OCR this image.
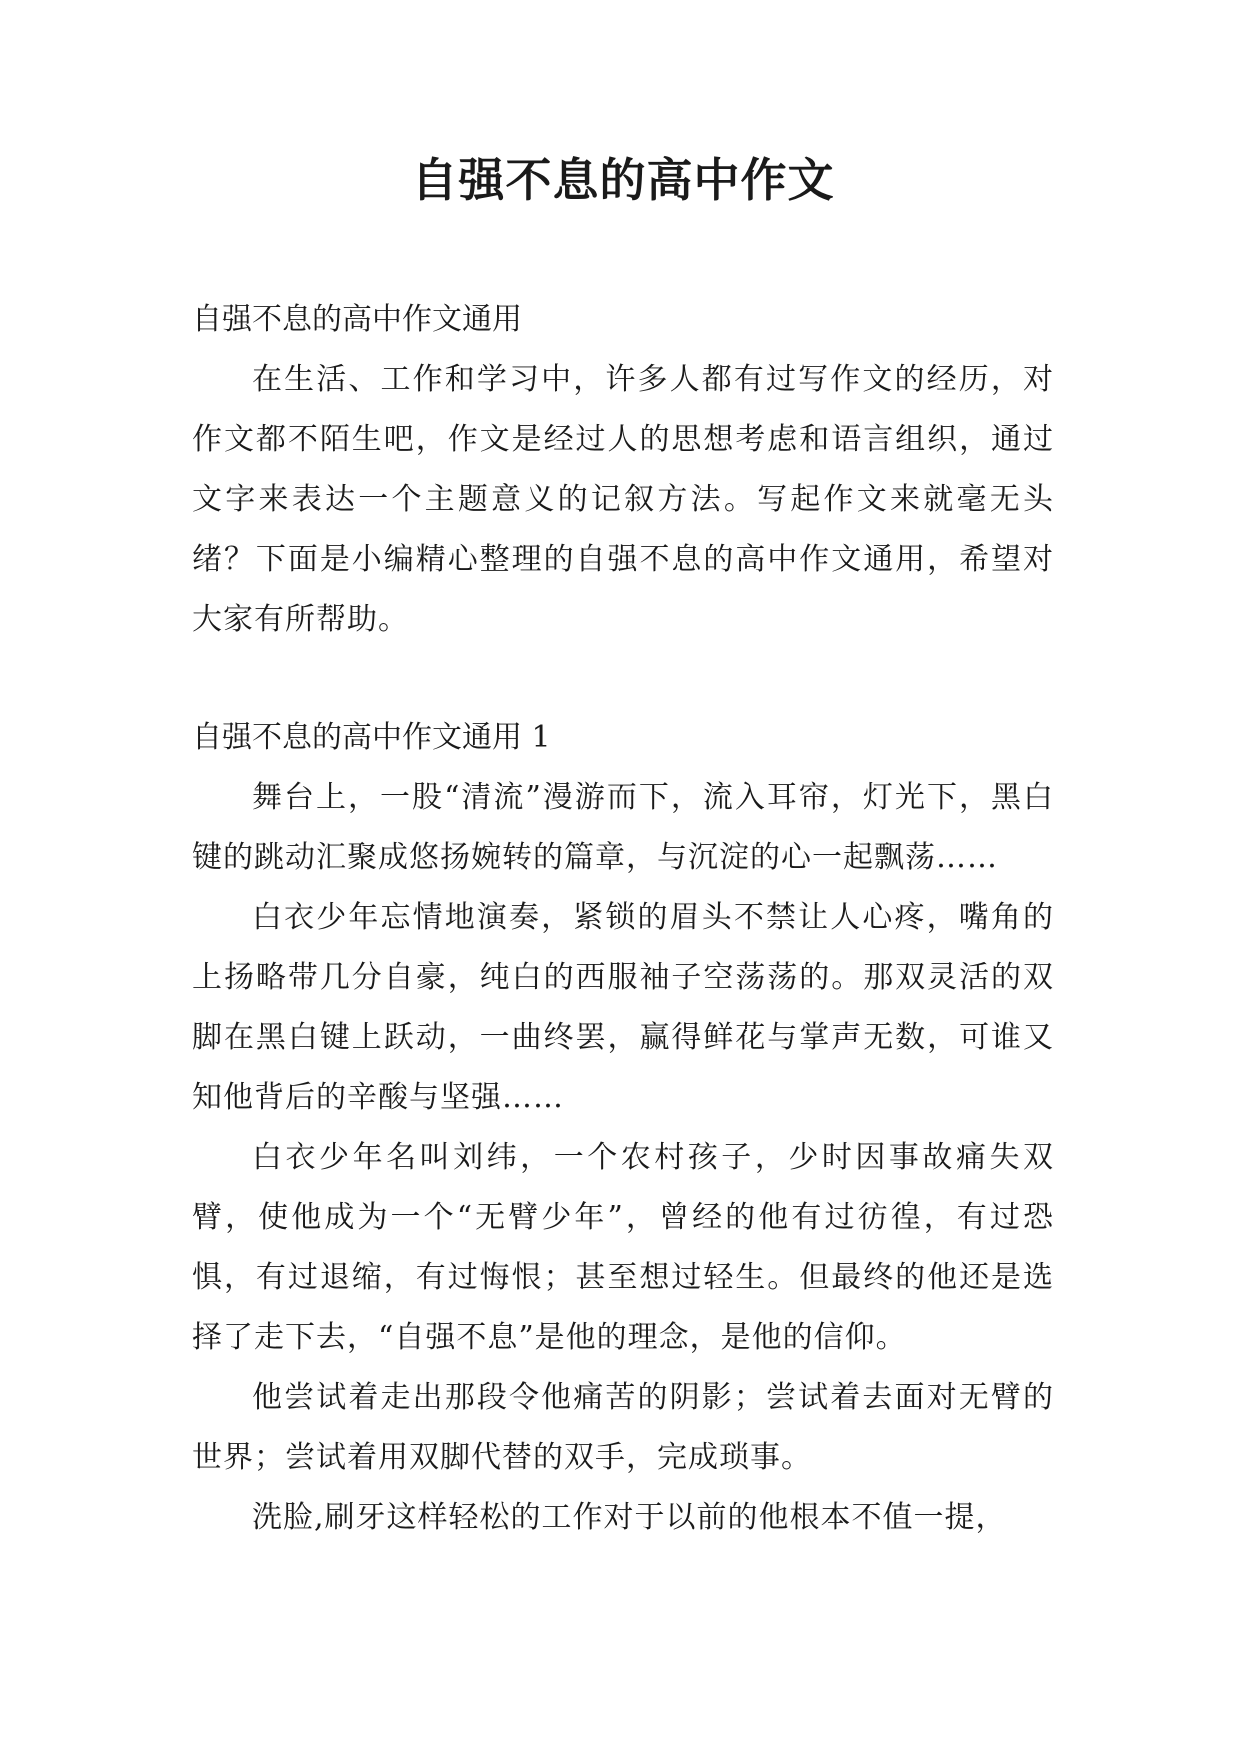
自强不息的高中作文
自强不息的高中作文通用

在生活、工作和学习中，许多人都有过写作文的经历，对作文都不陌生吧，作文是经过人的思想考虑和语言组织，通过文字来表达一个主题意义的记叙方法。写起作文来就毫无头绪？下面是小编精心整理的自强不息的高中作文通用，希望对大家有所帮助。

自强不息的高中作文通用 1

舞台上，一股“清流”漫游而下，流入耳帘，灯光下，黑白键的跳动汇聚成悠扬婉转的篇章，与沉淀的心一起飘荡……

白衣少年忘情地演奏，紧锁的眉头不禁让人心疼，嘴角的上扬略带几分自豪，纯白的西服袖子空荡荡的。那双灵活的双脚在黑白键上跃动，一曲终罢，赢得鲜花与掌声无数，可谁又知他背后的辛酸与坚强……

白衣少年名叫刘纬，一个农村孩子，少时因事故痛失双臂，使他成为一个“无臂少年”，曾经的他有过彷徨，有过恐惧，有过退缩，有过悔恨；甚至想过轻生。但最终的他还是选择了走下去，“自强不息”是他的理念，是他的信仰。

他尝试着走出那段令他痛苦的阴影；尝试着去面对无臂的世界；尝试着用双脚代替的双手，完成琐事。

洗脸,刷牙这样轻松的工作对于以前的他根本不值一提，
